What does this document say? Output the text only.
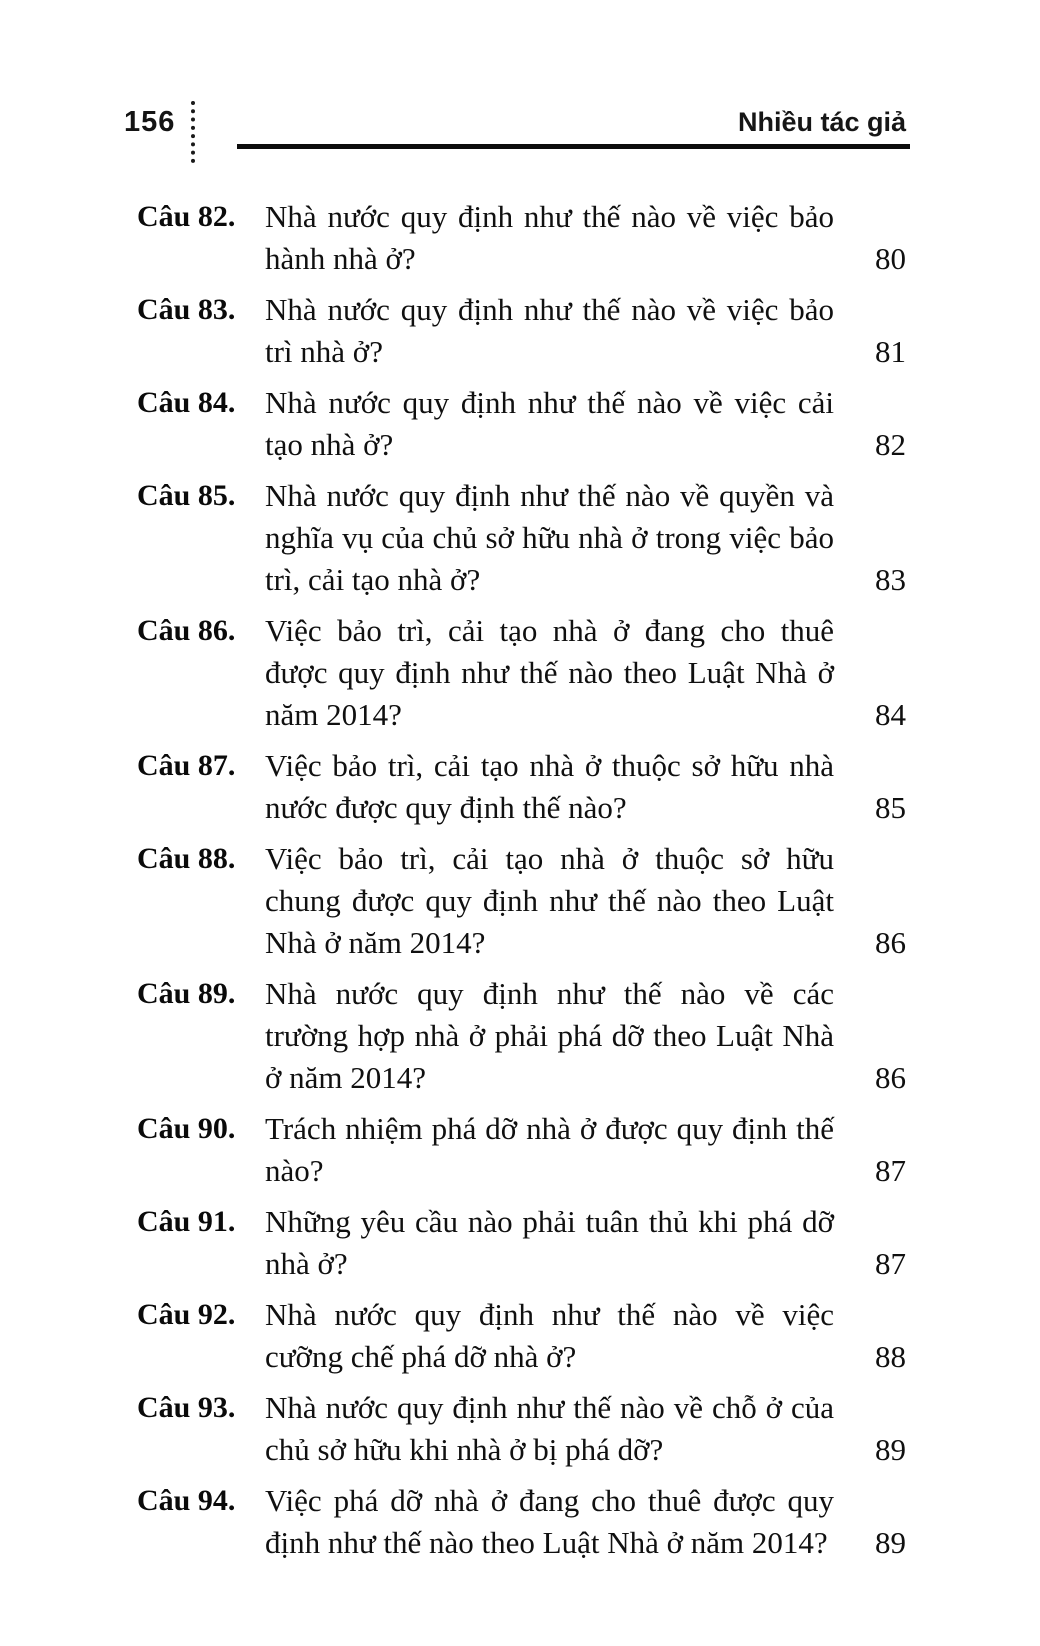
156	Nhiều tác giả
Câu 82. Nhà nước quy định như thế nào về việc bảo hành nhà ở?	80
Câu 83. Nhà nước quy định như thế nào về việc bảo trì nhà ở?	81
Câu 84. Nhà nước quy định như thế nào về việc cải tạo nhà ở?	82
Câu 85. Nhà nước quy định như thế nào về quyền và nghĩa vụ của chủ sở hữu nhà ở trong việc bảo trì, cải tạo nhà ở?	83
Câu 86. Việc bảo trì, cải tạo nhà ở đang cho thuê được quy định như thế nào theo Luật Nhà ở năm 2014?	84
Câu 87. Việc bảo trì, cải tạo nhà ở thuộc sở hữu nhà nước được quy định thế nào?	85
Câu 88. Việc bảo trì, cải tạo nhà ở thuộc sở hữu chung được quy định như thế nào theo Luật Nhà ở năm 2014?	86
Câu 89. Nhà nước quy định như thế nào về các trường hợp nhà ở phải phá dỡ theo Luật Nhà ở năm 2014?	86
Câu 90. Trách nhiệm phá dỡ nhà ở được quy định thế nào?	87
Câu 91. Những yêu cầu nào phải tuân thủ khi phá dỡ nhà ở?	87
Câu 92. Nhà nước quy định như thế nào về việc cưỡng chế phá dỡ nhà ở?	88
Câu 93. Nhà nước quy định như thế nào về chỗ ở của chủ sở hữu khi nhà ở bị phá dỡ?	89
Câu 94. Việc phá dỡ nhà ở đang cho thuê được quy định như thế nào theo Luật Nhà ở năm 2014?	89
